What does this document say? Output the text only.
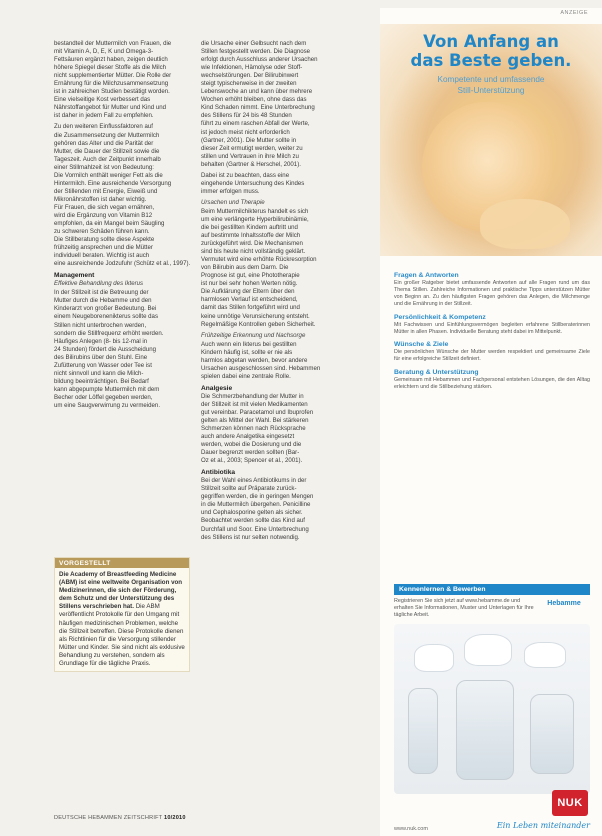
bestandteil der Muttermilch von Frauen, die
mit Vitamin A, D, E, K und Omega-3-
Fettsäuren ergänzt haben, zeigen deutlich
höhere Spiegel dieser Stoffe als die Milch
nicht supplementierter Mütter. Die Rolle der
Ernährung für die Milchzusammensetzung
ist in zahlreichen Studien bestätigt worden.
Eine vielseitige Kost verbessert das
Nährstoffangebot für Mutter und Kind und
ist daher in jedem Fall zu empfehlen.

Zu den weiteren Einflussfaktoren auf
die Zusammensetzung der Muttermilch
gehören das Alter und die Parität der
Mutter, die Dauer der Stillzeit sowie die
Tageszeit. Auch der Zeitpunkt innerhalb
einer Stillmahlzeit ist von Bedeutung:
Die Vormilch enthält weniger Fett als die
Hintermilch. Eine ausreichende Versorgung
der Stillenden mit Energie, Eiweiß und
Mikronährstoffen ist daher wichtig.
Für Frauen, die sich vegan ernähren,
wird die Ergänzung von Vitamin B12
empfohlen, da ein Mangel beim Säugling
zu schweren Schäden führen kann.
Die Stillberatung sollte diese Aspekte
frühzeitig ansprechen und die Mütter
individuell beraten. Wichtig ist auch
eine ausreichende Jodzufuhr (Schütz et al., 1997).

Management
Effektive Behandlung des Ikterus

In der Stillzeit ist die Betreuung der
Mutter durch die Hebamme und den
Kinderarzt von großer Bedeutung. Bei
einem Neugeborenenikterus sollte das
Stillen nicht unterbrochen werden,
sondern die Stillfrequenz erhöht werden.
Häufiges Anlegen (8- bis 12-mal in
24 Stunden) fördert die Ausscheidung
des Bilirubins über den Stuhl. Eine
Zufütterung von Wasser oder Tee ist
nicht sinnvoll und kann die Milch-
bildung beeinträchtigen. Bei Bedarf
kann abgepumpte Muttermilch mit dem
Becher oder Löffel gegeben werden,
um eine Saugverwirrung zu vermeiden.

die Ursache einer Gelbsucht nach dem
Stillen festgestellt werden. Die Diagnose
erfolgt durch Ausschluss anderer Ursachen
wie Infektionen, Hämolyse oder Stoff-
wechselstörungen. Der Bilirubinwert
steigt typischerweise in der zweiten
Lebenswoche an und kann über mehrere
Wochen erhöht bleiben, ohne dass das
Kind Schaden nimmt. Eine Unterbrechung
des Stillens für 24 bis 48 Stunden
führt zu einem raschen Abfall der Werte,
ist jedoch meist nicht erforderlich
(Gartner, 2001). Die Mutter sollte in
dieser Zeit ermutigt werden, weiter zu
stillen und Vertrauen in ihre Milch zu
behalten (Gartner & Herschel, 2001).

Dabei ist zu beachten, dass eine
eingehende Untersuchung des Kindes
immer erfolgen muss.

Ursachen und Therapie

Beim Muttermilchikterus handelt es sich
um eine verlängerte Hyperbilirubinämie,
die bei gestillten Kindern auftritt und
auf bestimmte Inhaltsstoffe der Milch
zurückgeführt wird. Die Mechanismen
sind bis heute nicht vollständig geklärt.
Vermutet wird eine erhöhte Rückresorption
von Bilirubin aus dem Darm. Die
Prognose ist gut, eine Phototherapie
ist nur bei sehr hohen Werten nötig.
Die Aufklärung der Eltern über den
harmlosen Verlauf ist entscheidend,
damit das Stillen fortgeführt wird und
keine unnötige Verunsicherung entsteht.
Regelmäßige Kontrollen geben Sicherheit.

Frühzeitige Erkennung und Nachsorge

Auch wenn ein Ikterus bei gestillten
Kindern häufig ist, sollte er nie als
harmlos abgetan werden, bevor andere
Ursachen ausgeschlossen sind. Hebammen
spielen dabei eine zentrale Rolle.

Analgesie

Die Schmerzbehandlung der Mutter in
der Stillzeit ist mit vielen Medikamenten
gut vereinbar. Paracetamol und Ibuprofen
gelten als Mittel der Wahl. Bei stärkeren
Schmerzen können nach Rücksprache
auch andere Analgetika eingesetzt
werden, wobei die Dosierung und die
Dauer begrenzt werden sollten (Bar-
Oz et al., 2003; Spencer et al., 2001).

Antibiotika

Bei der Wahl eines Antibiotikums in der
Stillzeit sollte auf Präparate zurück-
gegriffen werden, die in geringen Mengen
in die Muttermilch übergehen. Penicilline
und Cephalosporine gelten als sicher.
Beobachtet werden sollte das Kind auf
Durchfall und Soor. Eine Unterbrechung
des Stillens ist nur selten notwendig.

VORGESTELLT
Die Academy of Breastfeeding Medicine (ABM) ist eine weltweite Organisation von Medizinerinnen, die sich der Förderung, dem Schutz und der Unterstützung des Stillens verschrieben hat. Die ABM veröffentlicht Protokolle für den Umgang mit häufigen medizinischen Problemen, welche die Stillzeit betreffen. Diese Protokolle dienen als Richtlinien für die Versorgung stillender Mütter und Kinder. Sie sind nicht als exklusive Behandlung zu verstehen, sondern als Grundlage für die tägliche Praxis.
DEUTSCHE HEBAMMEN ZEITSCHRIFT 10/2010
ANZEIGE
Von Anfang an
das Beste geben.
Kompetente und umfassende
Still-Unterstützung
Fragen & Antworten

Ein großer Ratgeber bietet umfassende Antworten auf alle Fragen rund um das Thema Stillen. Zahlreiche Informationen und praktische Tipps unterstützen Mütter von Beginn an. Zu den häufigsten Fragen gehören das Anlegen, die Milchmenge und die Ernährung in der Stillzeit.

Persönlichkeit & Kompetenz

Mit Fachwissen und Einfühlungsvermögen begleiten erfahrene Stillberaterinnen Mütter in allen Phasen. Individuelle Beratung steht dabei im Mittelpunkt.

Wünsche & Ziele

Die persönlichen Wünsche der Mutter werden respektiert und gemeinsame Ziele für eine erfolgreiche Stillzeit definiert.

Beratung & Unterstützung

Gemeinsam mit Hebammen und Fachpersonal entstehen Lösungen, die den Alltag erleichtern und die Stillbeziehung stärken.

Kennenlernen & Bewerben

Registrieren Sie sich jetzt auf www.hebamme.de und erhalten Sie Informationen, Muster und Unterlagen für Ihre tägliche Arbeit.

Hebamme
NUK
www.nuk.com	Ein Leben miteinander
